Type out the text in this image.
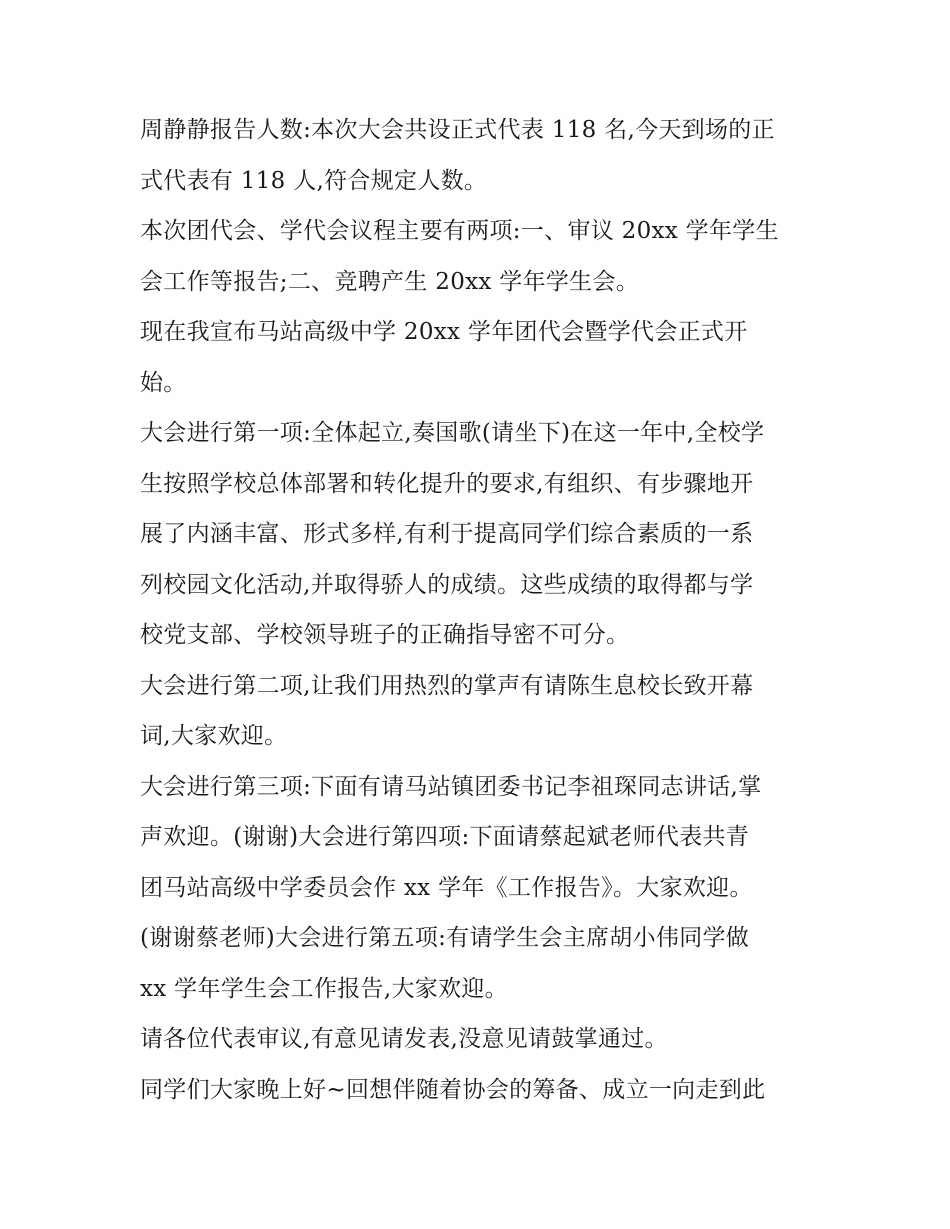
周静静报告人数:本次大会共设正式代表 118 名,今天到场的正
式代表有 118 人,符合规定人数。

本次团代会、学代会议程主要有两项:一、审议 20xx 学年学生
会工作等报告;二、竞聘产生 20xx 学年学生会。

现在我宣布马站高级中学 20xx 学年团代会暨学代会正式开
始。

大会进行第一项:全体起立,奏国歌(请坐下)在这一年中,全校学
生按照学校总体部署和转化提升的要求,有组织、有步骤地开
展了内涵丰富、形式多样,有利于提高同学们综合素质的一系
列校园文化活动,并取得骄人的成绩。这些成绩的取得都与学
校党支部、学校领导班子的正确指导密不可分。

大会进行第二项,让我们用热烈的掌声有请陈生息校长致开幕
词,大家欢迎。

大会进行第三项:下面有请马站镇团委书记李祖琛同志讲话,掌
声欢迎。(谢谢)大会进行第四项:下面请蔡起斌老师代表共青
团马站高级中学委员会作 xx 学年《工作报告》。大家欢迎。
(谢谢蔡老师)大会进行第五项:有请学生会主席胡小伟同学做
xx 学年学生会工作报告,大家欢迎。

请各位代表审议,有意见请发表,没意见请鼓掌通过。

同学们大家晚上好~回想伴随着协会的筹备、成立一向走到此
